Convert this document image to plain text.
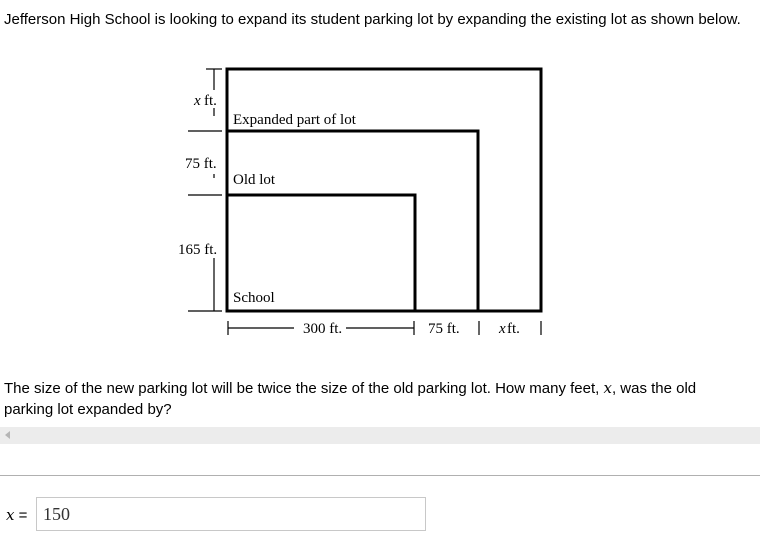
Jefferson High School is looking to expand its student parking lot by expanding the existing lot as shown below.

x ft.
75 ft.
165 ft.
Expanded part of lot
Old lot
School
300 ft.	75 ft.	x ft.

The size of the new parking lot will be twice the size of the old parking lot. How many feet, x, was the old parking lot expanded by?

x =
150
